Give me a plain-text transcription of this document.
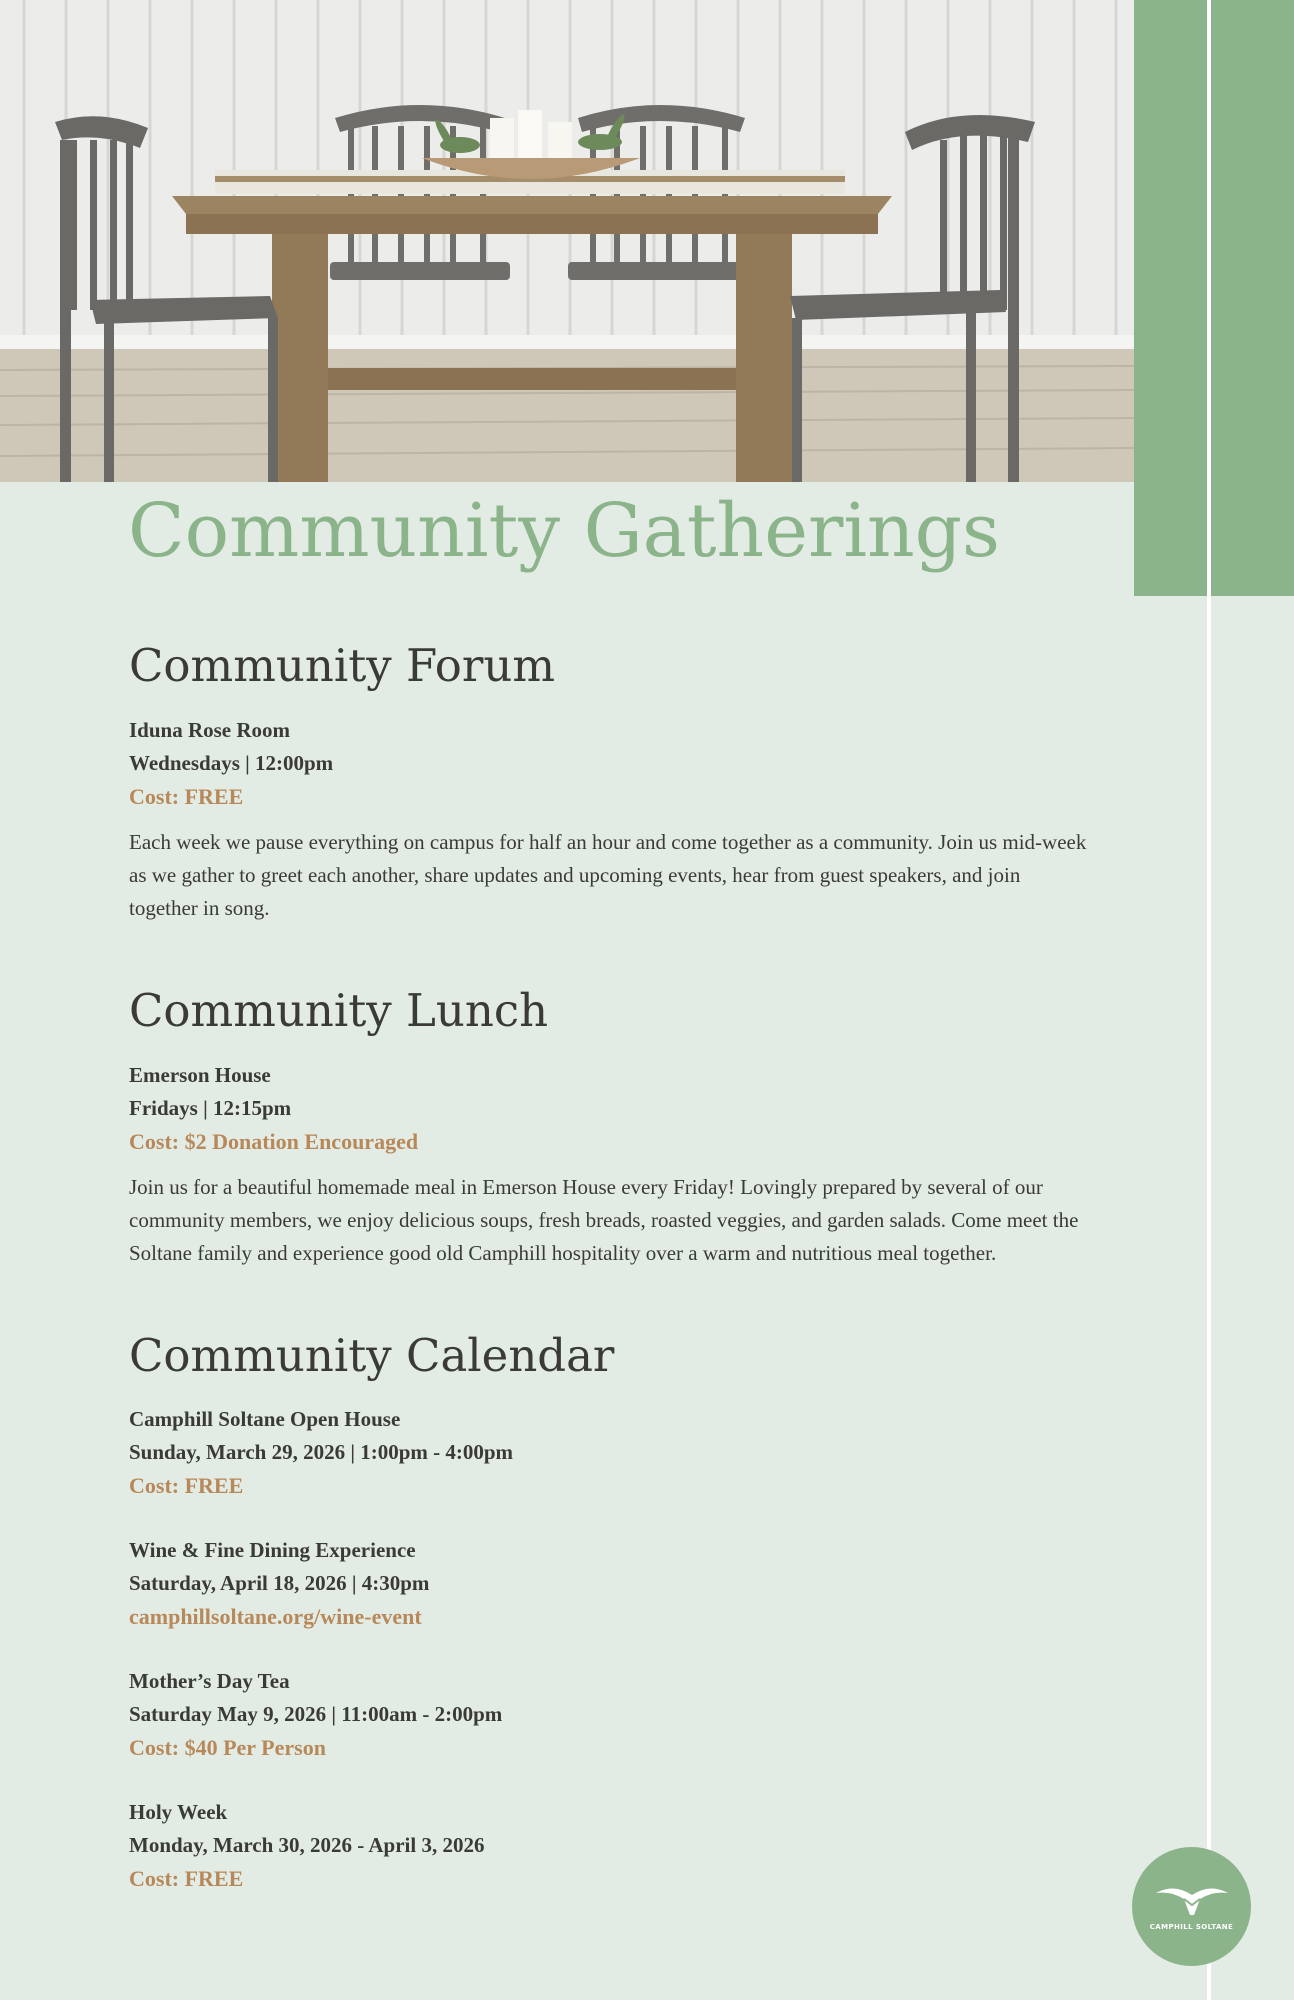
Community Gatherings
Community Forum
Iduna Rose Room
Wednesdays | 12:00pm
Cost: FREE
Each week we pause everything on campus for half an hour and come together as a community. Join us mid-week as we gather to greet each another, share updates and upcoming events, hear from guest speakers, and join together in song.
Community Lunch
Emerson House
Fridays | 12:15pm
Cost: $2 Donation Encouraged
Join us for a beautiful homemade meal in Emerson House every Friday! Lovingly prepared by several of our community members, we enjoy delicious soups, fresh breads, roasted veggies, and garden salads. Come meet the Soltane family and experience good old Camphill hospitality over a warm and nutritious meal together.
Community Calendar
Camphill Soltane Open House
Sunday, March 29, 2026 | 1:00pm - 4:00pm
Cost: FREE
Wine & Fine Dining Experience
Saturday, April 18, 2026 | 4:30pm
camphillsoltane.org/wine-event
Mother’s Day Tea
Saturday May 9, 2026 | 11:00am - 2:00pm
Cost: $40 Per Person
Holy Week
Monday, March 30, 2026 - April 3, 2026
Cost: FREE
CAMPHILL SOLTANE
